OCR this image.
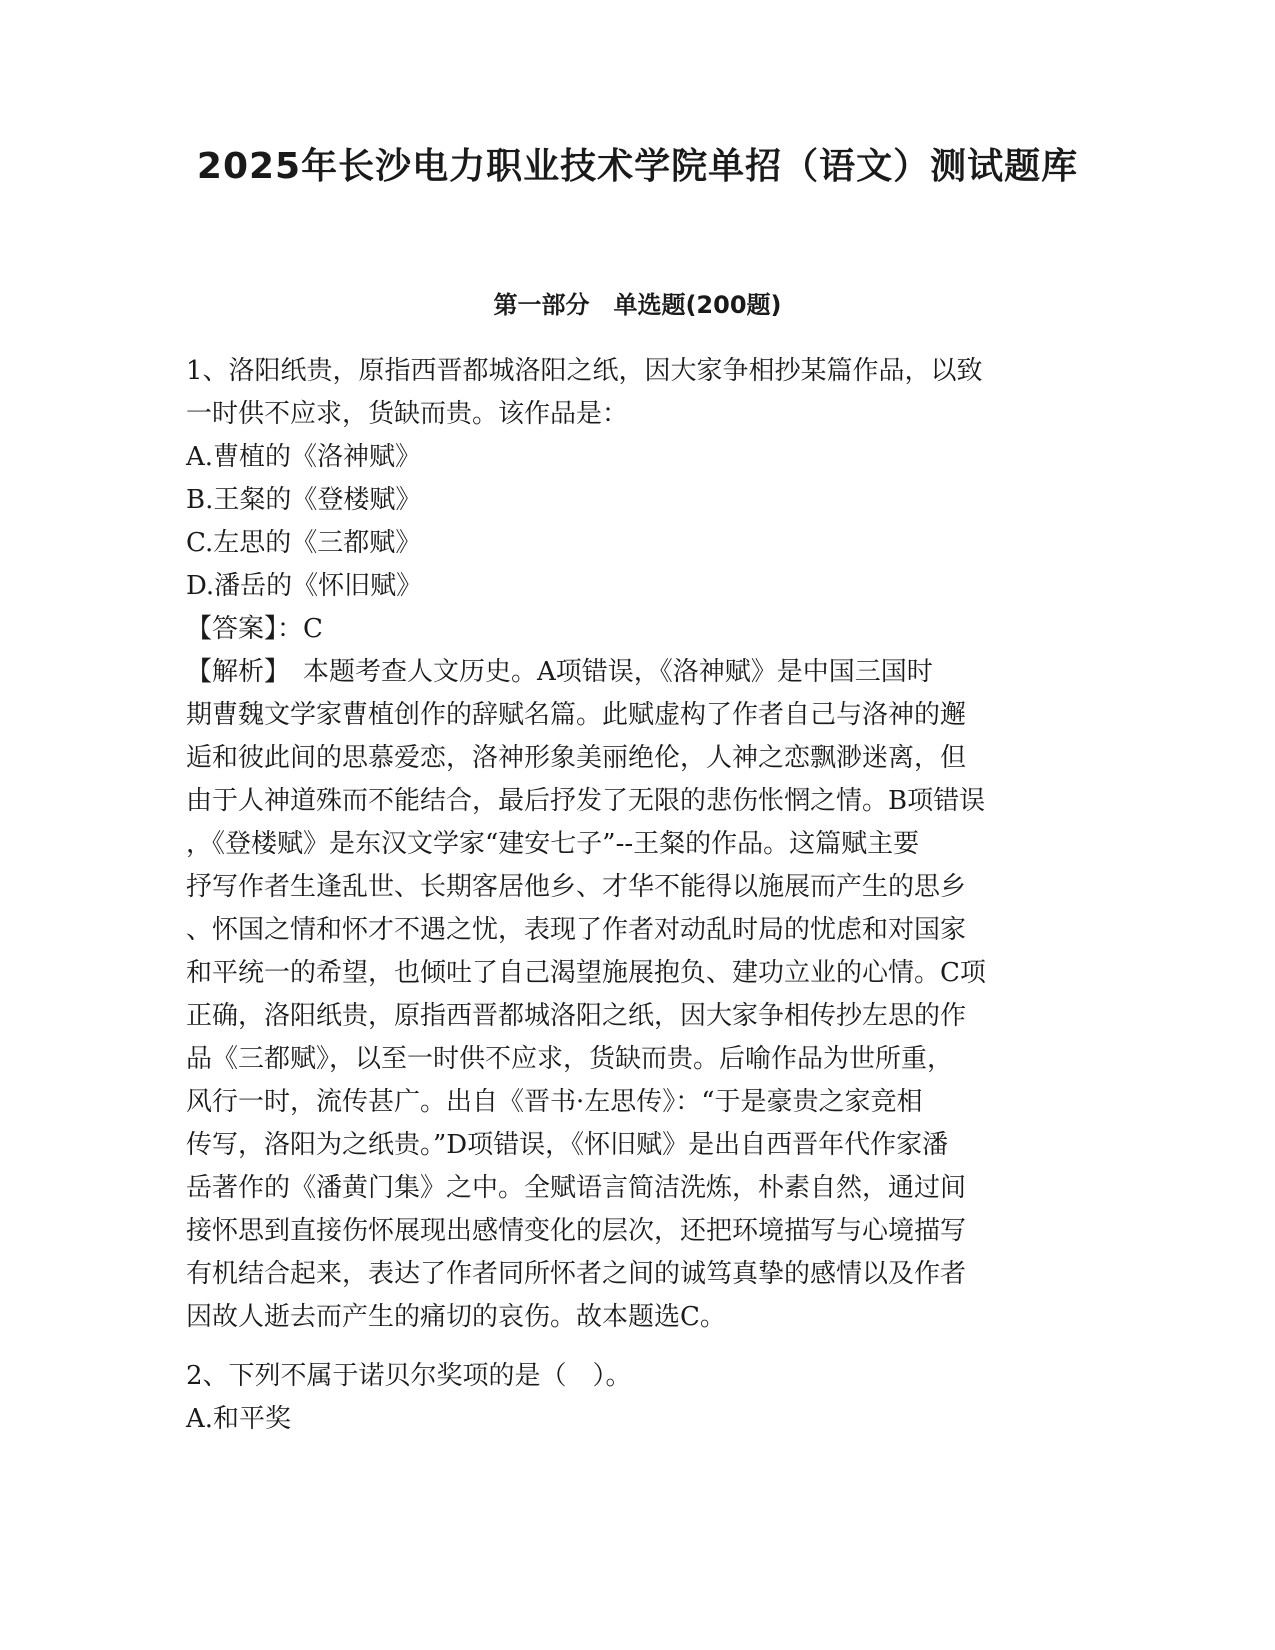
2025年长沙电力职业技术学院单招（语文）测试题库
第一部分　单选题(200题)
1、洛阳纸贵，原指西晋都城洛阳之纸，因大家争相抄某篇作品，以致
一时供不应求，货缺而贵。该作品是：
A.曹植的《洛神赋》
B.王粲的《登楼赋》
C.左思的《三都赋》
D.潘岳的《怀旧赋》
【答案】：C
【解析】　本题考查人文历史。A项错误，《洛神赋》是中国三国时
期曹魏文学家曹植创作的辞赋名篇。此赋虚构了作者自己与洛神的邂
逅和彼此间的思慕爱恋，洛神形象美丽绝伦，人神之恋飘渺迷离，但
由于人神道殊而不能结合，最后抒发了无限的悲伤怅惘之情。B项错误
，《登楼赋》是东汉文学家“建安七子”--王粲的作品。这篇赋主要
抒写作者生逢乱世、长期客居他乡、才华不能得以施展而产生的思乡
、怀国之情和怀才不遇之忧，表现了作者对动乱时局的忧虑和对国家
和平统一的希望，也倾吐了自己渴望施展抱负、建功立业的心情。C项
正确，洛阳纸贵，原指西晋都城洛阳之纸，因大家争相传抄左思的作
品《三都赋》，以至一时供不应求，货缺而贵。后喻作品为世所重，
风行一时，流传甚广。出自《晋书·左思传》：“于是豪贵之家竞相
传写，洛阳为之纸贵。”D项错误，《怀旧赋》是出自西晋年代作家潘
岳著作的《潘黄门集》之中。全赋语言简洁洗炼，朴素自然，通过间
接怀思到直接伤怀展现出感情变化的层次，还把环境描写与心境描写
有机结合起来，表达了作者同所怀者之间的诚笃真挚的感情以及作者
因故人逝去而产生的痛切的哀伤。故本题选C。
2、下列不属于诺贝尔奖项的是（　）。
A.和平奖
